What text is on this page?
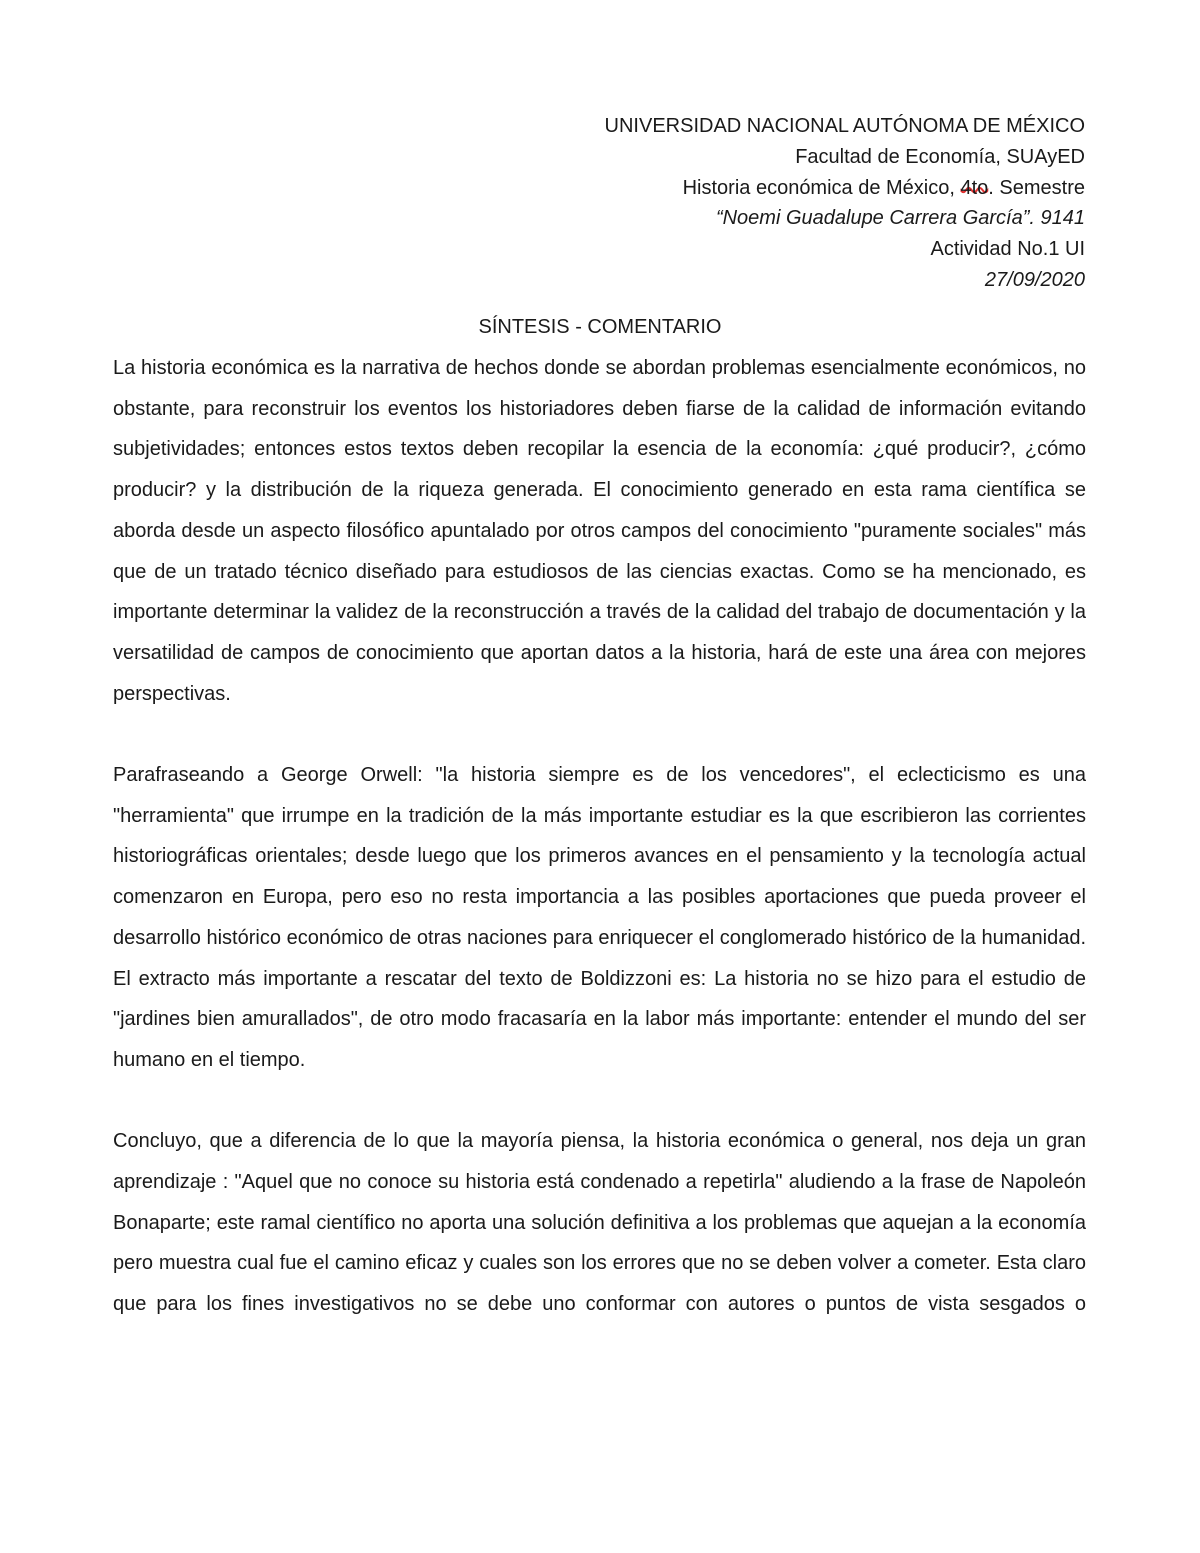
UNIVERSIDAD NACIONAL AUTÓNOMA DE MÉXICO
Facultad de Economía, SUAyED
Historia económica de México, 4to. Semestre
“Noemi Guadalupe Carrera García”. 9141
Actividad No.1 UI
27/09/2020
SÍNTESIS - COMENTARIO

La historia económica es la narrativa de hechos donde se abordan problemas esencialmente económicos, no obstante, para reconstruir los eventos los historiadores deben fiarse de la calidad de información evitando subjetividades; entonces estos textos deben recopilar la esencia de la economía: ¿qué producir?, ¿cómo producir? y la distribución de la riqueza generada. El conocimiento generado en esta rama científica se aborda desde un aspecto filosófico apuntalado por otros campos del conocimiento "puramente sociales" más que de un tratado técnico diseñado para estudiosos de las ciencias exactas. Como se ha mencionado, es importante determinar la validez de la reconstrucción a través de la calidad del trabajo de documentación y la versatilidad de campos de conocimiento que aportan datos a la historia, hará de este una área con mejores perspectivas.

Parafraseando a George Orwell: "la historia siempre es de los vencedores", el eclecticismo es una "herramienta" que irrumpe en la tradición de la más importante estudiar es la que escribieron las corrientes historiográficas orientales; desde luego que los primeros avances en el pensamiento y la tecnología actual comenzaron en Europa, pero eso no resta importancia a las posibles aportaciones que pueda proveer el desarrollo histórico económico de otras naciones para enriquecer el conglomerado histórico de la humanidad. El extracto más importante a rescatar del texto de Boldizzoni es: La historia no se hizo para el estudio de "jardines bien amurallados", de otro modo fracasaría en la labor más importante: entender el mundo del ser humano en el tiempo.

Concluyo, que a diferencia de lo que la mayoría piensa, la historia económica o general, nos deja un gran aprendizaje : "Aquel que no conoce su historia está condenado a repetirla" aludiendo a la frase de Napoleón Bonaparte; este ramal científico no aporta una solución definitiva a los problemas que aquejan a la economía pero muestra cual fue el camino eficaz y cuales son los errores que no se deben volver a cometer. Esta claro que para los fines investigativos no se debe uno conformar con autores o puntos de vista sesgados o
